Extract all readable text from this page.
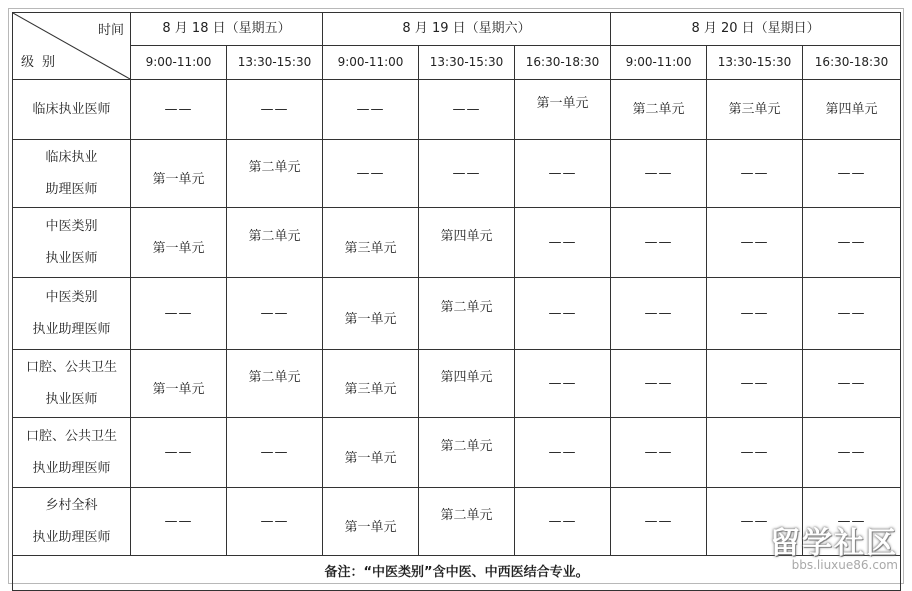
时间
级别	8 月 18 日（星期五）		8 月 19 日（星期六）			8 月 20 日（星期日）		
	9:00-11:00	13:30-15:30	9:00-11:00	13:30-15:30	16:30-18:30	9:00-11:00	13:30-15:30	16:30-18:30

临床执业医师	——	——	——	——	第一单元	第二单元	第三单元	第四单元

临床执业
助理医师	第一单元	第二单元	——	——	——	——	——	——

中医类别
执业医师	第一单元	第二单元	第三单元	第四单元	——	——	——	——

中医类别
执业助理医师	——	——	第一单元	第二单元	——	——	——	——

口腔、公共卫生
执业医师	第一单元	第二单元	第三单元	第四单元	——	——	——	——

口腔、公共卫生
执业助理医师	——	——	第一单元	第二单元	——	——	——	——

乡村全科
执业助理医师	——	——	第一单元	第二单元	——	——	——	——
备注：“中医类别”含中医、中西医结合专业。								
留学社区
bbs.liuxue86.com
